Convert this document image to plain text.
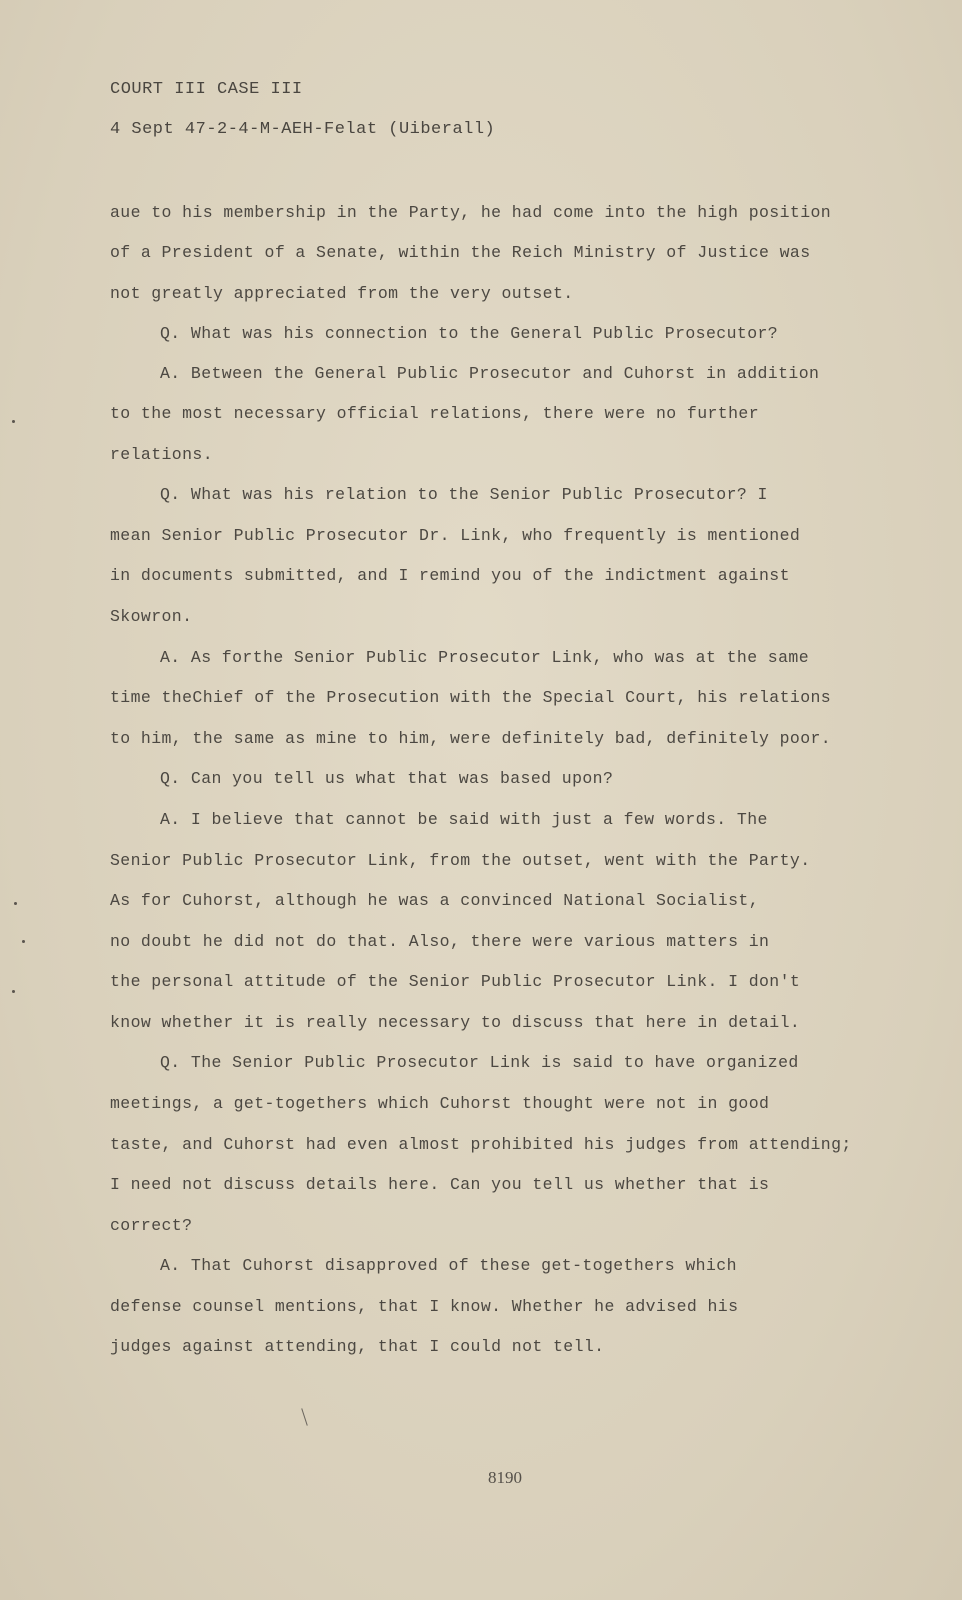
COURT III CASE III
4 Sept 47-2-4-M-AEH-Felat (Uiberall)
aue to his membership in the Party, he had come into the high position
of a President of a Senate, within the Reich Ministry of Justice was
not greatly appreciated from the very outset.
Q. What was his connection to the General Public Prosecutor?
A. Between the General Public Prosecutor and Cuhorst in addition
to the most necessary official relations, there were no further
relations.
Q. What was his relation to the Senior Public Prosecutor? I
mean Senior Public Prosecutor Dr. Link, who frequently is mentioned
in documents submitted, and I remind you of the indictment against
Skowron.
A. As forthe Senior Public Prosecutor Link, who was at the same
time theChief of the Prosecution with the Special Court, his relations
to him, the same as mine to him, were definitely bad, definitely poor.
Q. Can you tell us what that was based upon?
A. I believe that cannot be said with just a few words. The
Senior Public Prosecutor Link, from the outset, went with the Party.
As for Cuhorst, although he was a convinced National Socialist,
no doubt he did not do that. Also, there were various matters in
the personal attitude of the Senior Public Prosecutor Link. I don't
know whether it is really necessary to discuss that here in detail.
Q. The Senior Public Prosecutor Link is said to have organized
meetings, a get-togethers which Cuhorst thought were not in good
taste, and Cuhorst had even almost prohibited his judges from attending;
I need not discuss details here. Can you tell us whether that is
correct?
A. That Cuhorst disapproved of these get-togethers which
defense counsel mentions, that I know. Whether he advised his
judges against attending, that I could not tell.
8190
